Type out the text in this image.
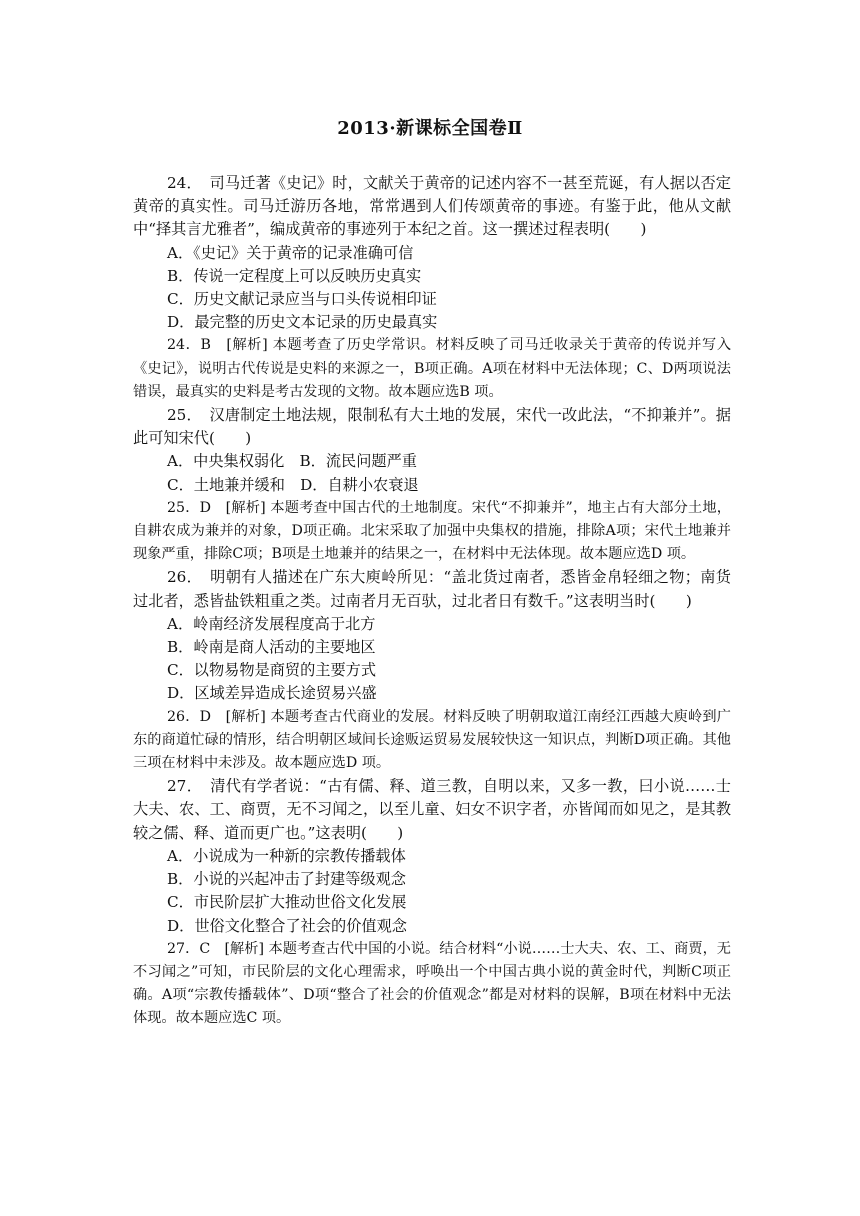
2013·新课标全国卷Ⅱ

24．　司马迁著《史记》时，文献关于黄帝的记述内容不一甚至荒诞，有人据以否定黄帝的真实性。司马迁游历各地，常常遇到人们传颂黄帝的事迹。有鉴于此，他从文献中“择其言尤雅者”，编成黄帝的事迹列于本纪之首。这一撰述过程表明(　　)

A．《史记》关于黄帝的记录准确可信

B．传说一定程度上可以反映历史真实

C．历史文献记录应当与口头传说相印证

D．最完整的历史文本记录的历史最真实

24．B　[解析] 本题考查了历史学常识。材料反映了司马迁收录关于黄帝的传说并写入《史记》，说明古代传说是史料的来源之一，B项正确。A项在材料中无法体现；C、D两项说法错误，最真实的史料是考古发现的文物。故本题应选B 项。

25．　汉唐制定土地法规，限制私有大土地的发展，宋代一改此法，“不抑兼并”。据此可知宋代(　　)

A．中央集权弱化　B．流民问题严重

C．土地兼并缓和　D．自耕小农衰退

25．D　[解析] 本题考查中国古代的土地制度。宋代“不抑兼并”，地主占有大部分土地，自耕农成为兼并的对象，D项正确。北宋采取了加强中央集权的措施，排除A项；宋代土地兼并现象严重，排除C项；B项是土地兼并的结果之一，在材料中无法体现。故本题应选D 项。

26．　明朝有人描述在广东大庾岭所见：“盖北货过南者，悉皆金帛轻细之物；南货过北者，悉皆盐铁粗重之类。过南者月无百驮，过北者日有数千。”这表明当时(　　)

A．岭南经济发展程度高于北方

B．岭南是商人活动的主要地区

C．以物易物是商贸的主要方式

D．区域差异造成长途贸易兴盛

26．D　[解析] 本题考查古代商业的发展。材料反映了明朝取道江南经江西越大庾岭到广东的商道忙碌的情形，结合明朝区域间长途贩运贸易发展较快这一知识点，判断D项正确。其他三项在材料中未涉及。故本题应选D 项。

27．　清代有学者说：“古有儒、释、道三教，自明以来，又多一教，曰小说……士大夫、农、工、商贾，无不习闻之，以至儿童、妇女不识字者，亦皆闻而如见之，是其教较之儒、释、道而更广也。”这表明(　　)

A．小说成为一种新的宗教传播载体

B．小说的兴起冲击了封建等级观念

C．市民阶层扩大推动世俗文化发展

D．世俗文化整合了社会的价值观念

27．C　[解析] 本题考查古代中国的小说。结合材料“小说……士大夫、农、工、商贾，无不习闻之”可知，市民阶层的文化心理需求，呼唤出一个中国古典小说的黄金时代，判断C项正确。A项“宗教传播载体”、D项“整合了社会的价值观念”都是对材料的误解，B项在材料中无法体现。故本题应选C 项。
